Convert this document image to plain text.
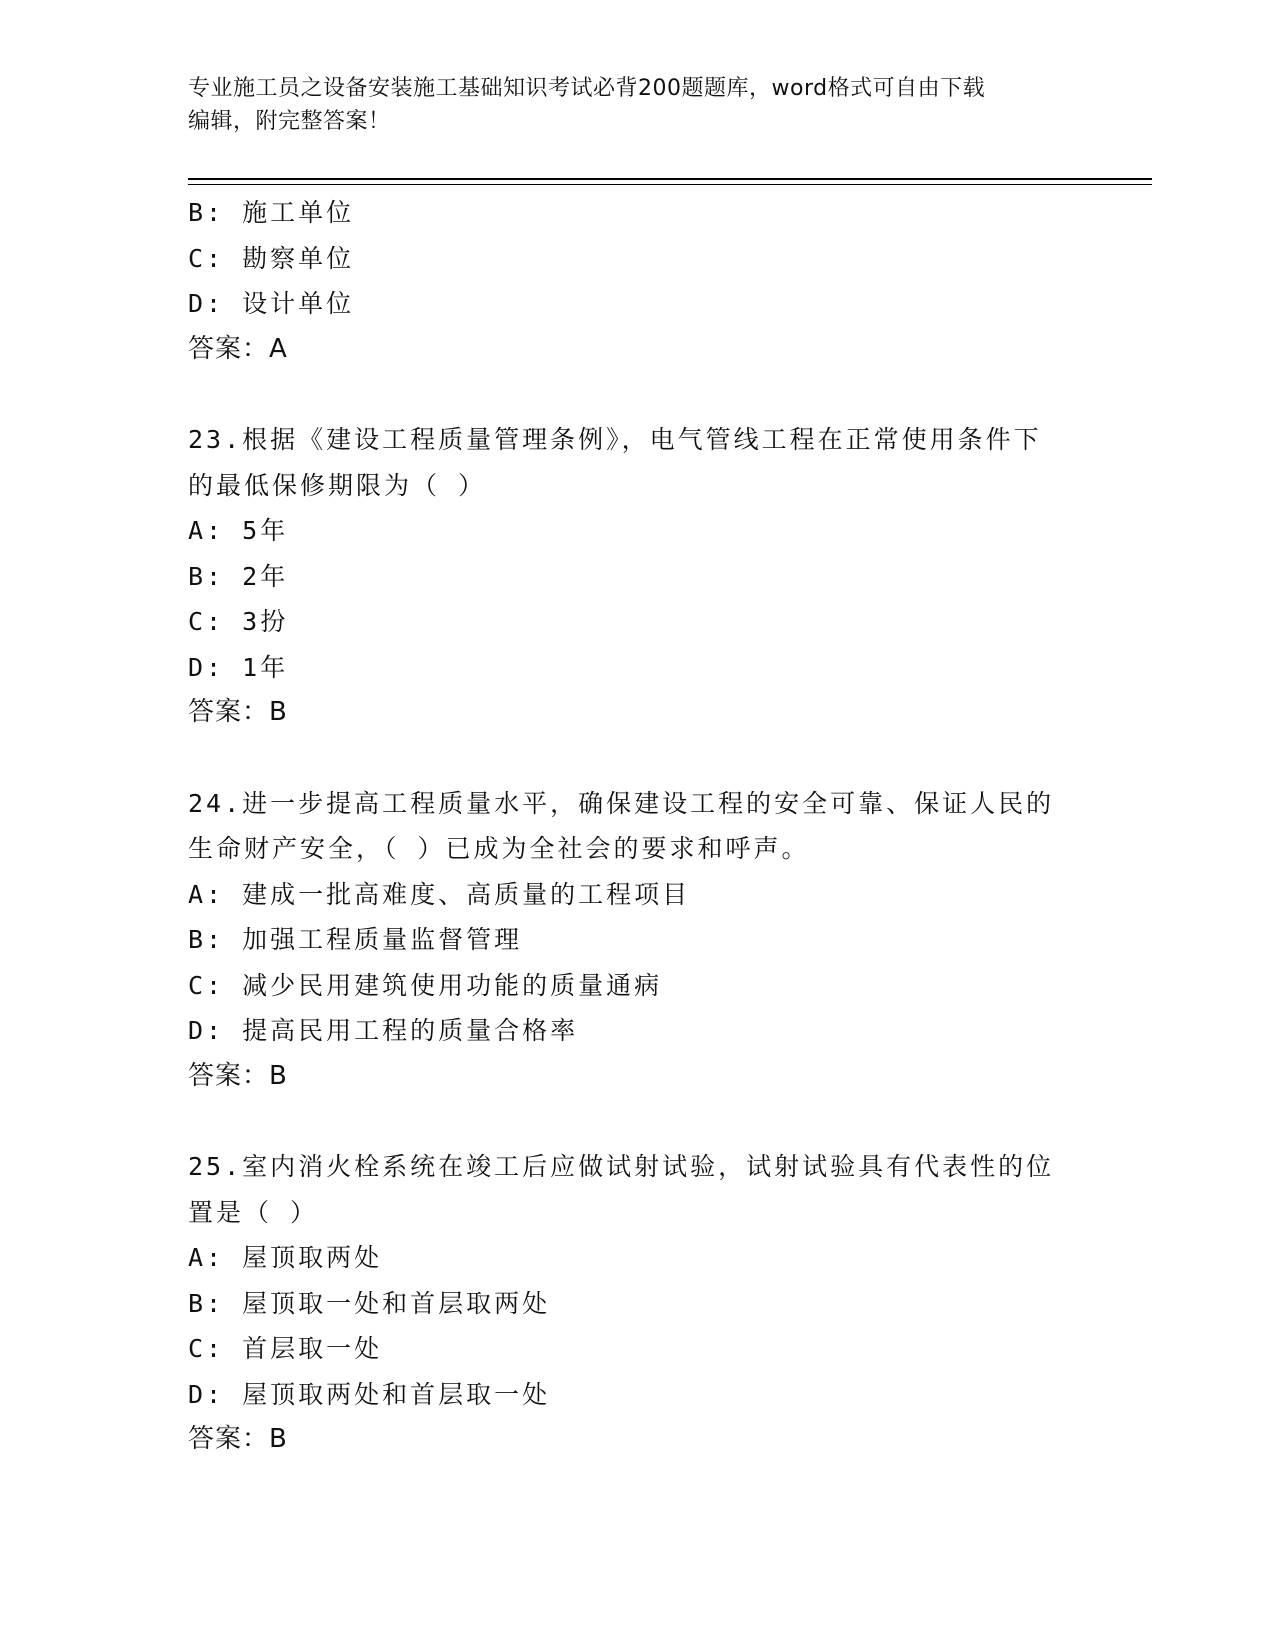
专业施工员之设备安装施工基础知识考试必背200题题库，word格式可自由下载
编辑，附完整答案！
B: 施工单位
C: 勘察单位
D: 设计单位
答案：A
23.根据《建设工程质量管理条例》，电气管线工程在正常使用条件下
的最低保修期限为（ ）
A: 5年
B: 2年
C: 3扮
D: 1年
答案：B
24.进一步提高工程质量水平，确保建设工程的安全可靠、保证人民的
生命财产安全，（ ）已成为全社会的要求和呼声。
A: 建成一批高难度、高质量的工程项目
B: 加强工程质量监督管理
C: 减少民用建筑使用功能的质量通病
D: 提高民用工程的质量合格率
答案：B
25.室内消火栓系统在竣工后应做试射试验，试射试验具有代表性的位
置是（ ）
A: 屋顶取两处
B: 屋顶取一处和首层取两处
C: 首层取一处
D: 屋顶取两处和首层取一处
答案：B
